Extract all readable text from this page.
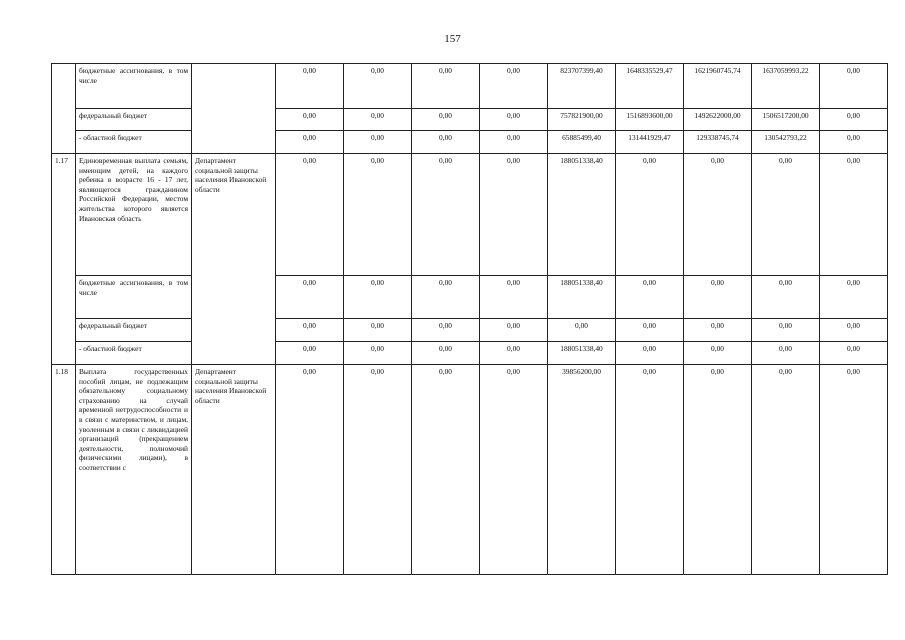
157
	бюджетные ассигнования, в том числе		0,00	0,00	0,00	0,00	823707399,40	1648335529,47	1621960745,74	1637059993,22	0,00
	федеральный бюджет		0,00	0,00	0,00	0,00	757821900,00	1516893600,00	1492622000,00	1506517200,00	0,00
	- областной бюджет		0,00	0,00	0,00	0,00	65885499,40	131441929,47	129338745,74	130542793,22	0,00
1.17	Единовременная выплата семьям, имеющим детей, на каждого ребенка в возрасте 16 - 17 лет, являющегося гражданином Российской Федерации, местом жительства которого является Ивановская область	Департамент социальной защиты населения Ивановской области	0,00	0,00	0,00	0,00	188051338,40	0,00	0,00	0,00	0,00
	бюджетные ассигнования, в том числе		0,00	0,00	0,00	0,00	188051338,40	0,00	0,00	0,00	0,00
	федеральный бюджет		0,00	0,00	0,00	0,00	0,00	0,00	0,00	0,00	0,00
	- областной бюджет		0,00	0,00	0,00	0,00	188051338,40	0,00	0,00	0,00	0,00
1.18	Выплата государственных пособий лицам, не подлежащим обязательному социальному страхованию на случай временной нетрудоспособности и в связи с материнством, и лицам, уволенным в связи с ликвидацией организаций (прекращением деятельности, полномочий физическими лицами), в соответствии с	Департамент социальной защиты населения Ивановской области	0,00	0,00	0,00	0,00	39856200,00	0,00	0,00	0,00	0,00
